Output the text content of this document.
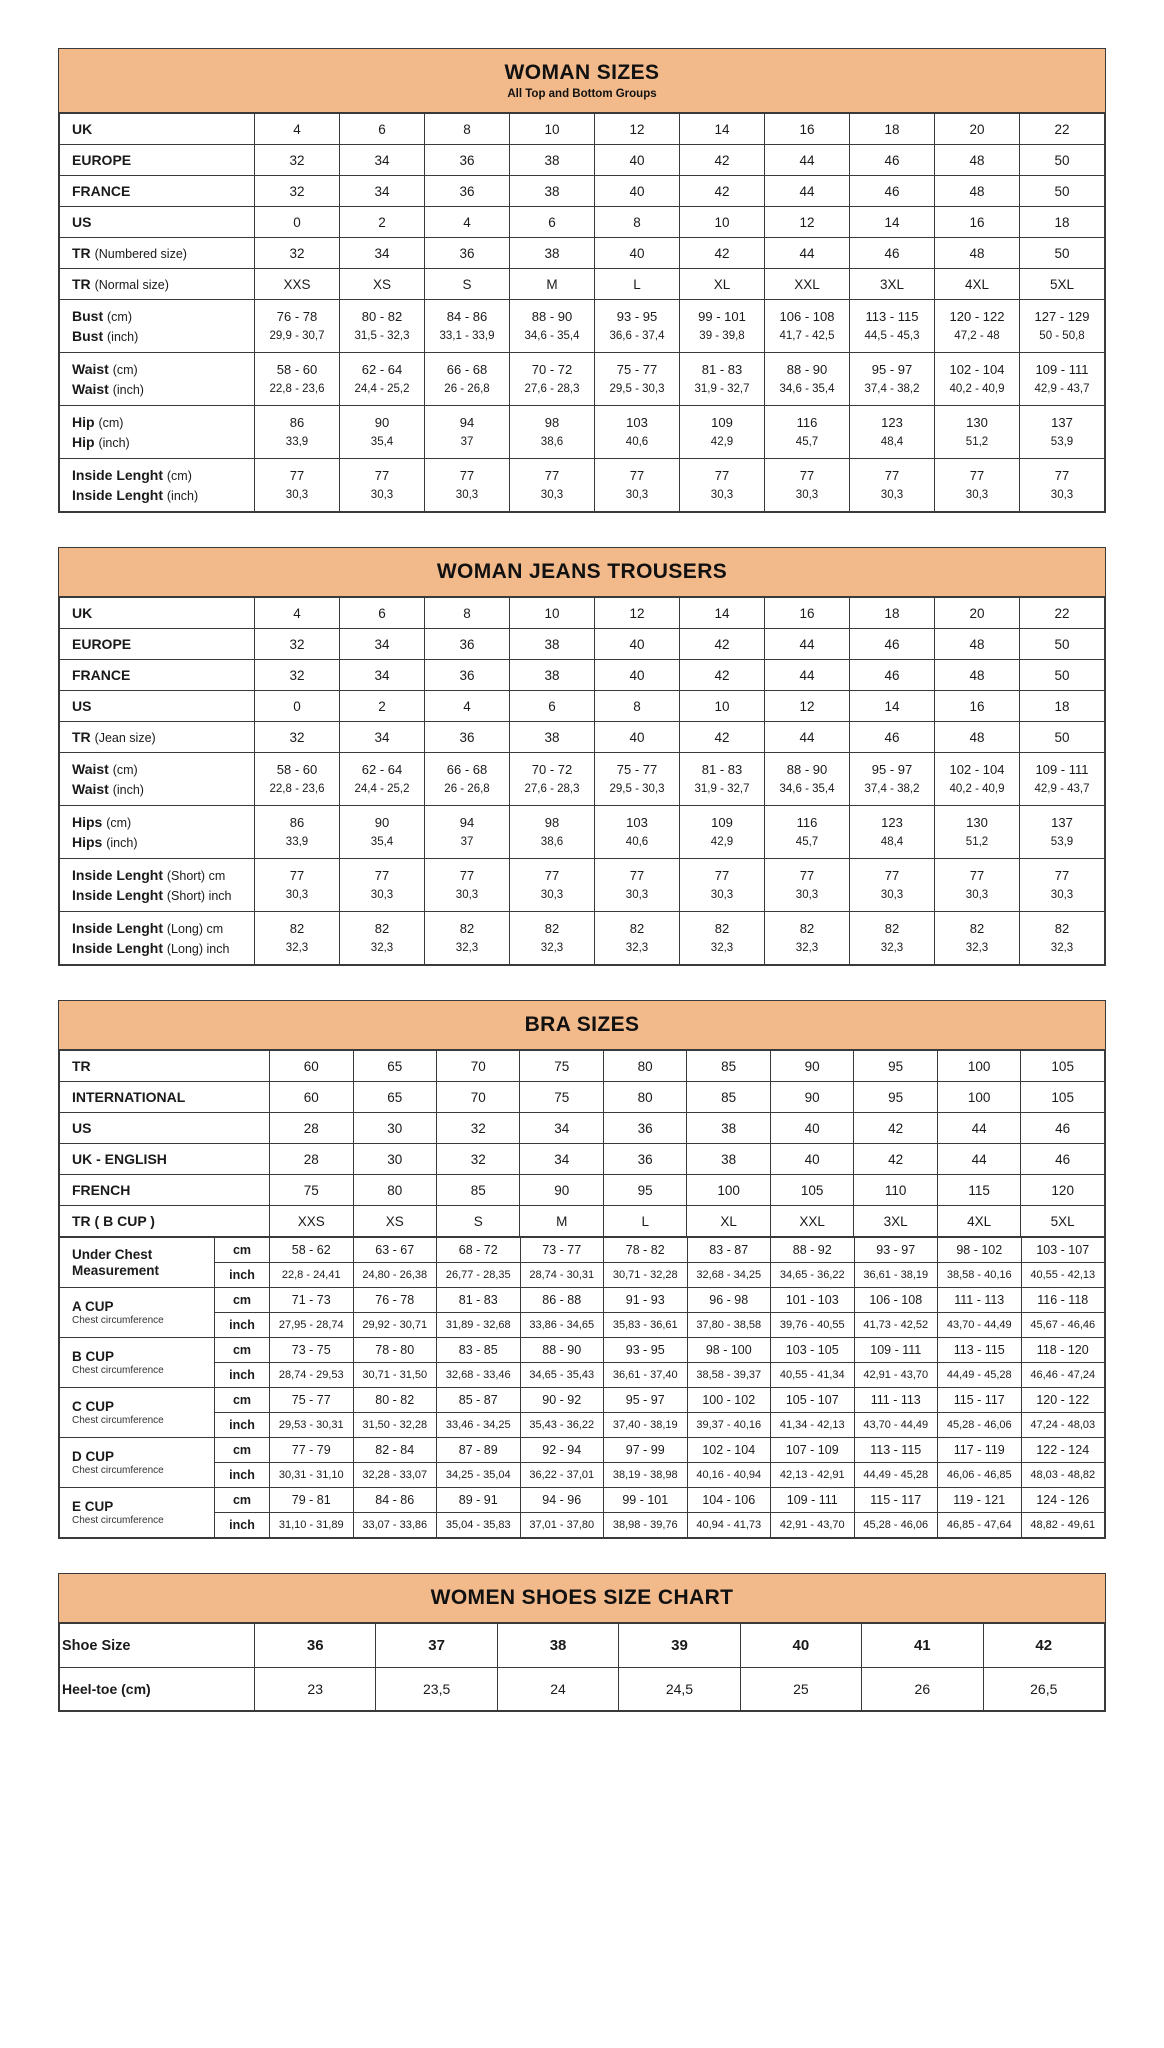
WOMAN SIZES
All Top and Bottom Groups
UK	4	6	8	10	12	14	16	18	20	22
EUROPE	32	34	36	38	40	42	44	46	48	50
FRANCE	32	34	36	38	40	42	44	46	48	50
US	0	2	4	6	8	10	12	14	16	18
TR (Numbered size)	32	34	36	38	40	42	44	46	48	50
TR (Normal size)	XXS	XS	S	M	L	XL	XXL	3XL	4XL	5XL
Bust (cm)	76 - 78	80 - 82	84 - 86	88 - 90	93 - 95	99 - 101	106 - 108	113 - 115	120 - 122	127 - 129
Bust (inch)	29,9 - 30,7	31,5 - 32,3	33,1 - 33,9	34,6 - 35,4	36,6 - 37,4	39 - 39,8	41,7 - 42,5	44,5 - 45,3	47,2 - 48	50 - 50,8
Waist (cm)	58 - 60	62 - 64	66 - 68	70 - 72	75 - 77	81 - 83	88 - 90	95 - 97	102 - 104	109 - 111
Waist (inch)	22,8 - 23,6	24,4 - 25,2	26 - 26,8	27,6 - 28,3	29,5 - 30,3	31,9 - 32,7	34,6 - 35,4	37,4 - 38,2	40,2 - 40,9	42,9 - 43,7
Hip (cm)	86	90	94	98	103	109	116	123	130	137
Hip (inch)	33,9	35,4	37	38,6	40,6	42,9	45,7	48,4	51,2	53,9
Inside Lenght (cm)	77	77	77	77	77	77	77	77	77	77
Inside Lenght (inch)	30,3	30,3	30,3	30,3	30,3	30,3	30,3	30,3	30,3	30,3
WOMAN JEANS TROUSERS
UK	4	6	8	10	12	14	16	18	20	22
EUROPE	32	34	36	38	40	42	44	46	48	50
FRANCE	32	34	36	38	40	42	44	46	48	50
US	0	2	4	6	8	10	12	14	16	18
TR (Jean size)	32	34	36	38	40	42	44	46	48	50
Waist (cm)	58 - 60	62 - 64	66 - 68	70 - 72	75 - 77	81 - 83	88 - 90	95 - 97	102 - 104	109 - 111
Waist (inch)	22,8 - 23,6	24,4 - 25,2	26 - 26,8	27,6 - 28,3	29,5 - 30,3	31,9 - 32,7	34,6 - 35,4	37,4 - 38,2	40,2 - 40,9	42,9 - 43,7
Hips (cm)	86	90	94	98	103	109	116	123	130	137
Hips (inch)	33,9	35,4	37	38,6	40,6	42,9	45,7	48,4	51,2	53,9
Inside Lenght (Short) cm	77	77	77	77	77	77	77	77	77	77
Inside Lenght (Short) inch	30,3	30,3	30,3	30,3	30,3	30,3	30,3	30,3	30,3	30,3
Inside Lenght (Long) cm	82	82	82	82	82	82	82	82	82	82
Inside Lenght (Long) inch	32,3	32,3	32,3	32,3	32,3	32,3	32,3	32,3	32,3	32,3
BRA SIZES
TR	60	65	70	75	80	85	90	95	100	105
INTERNATIONAL	60	65	70	75	80	85	90	95	100	105
US	28	30	32	34	36	38	40	42	44	46
UK - ENGLISH	28	30	32	34	36	38	40	42	44	46
FRENCH	75	80	85	90	95	100	105	110	115	120
TR ( B CUP )	XXS	XS	S	M	L	XL	XXL	3XL	4XL	5XL
Under Chest Measurement	cm	58 - 62	63 - 67	68 - 72	73 - 77	78 - 82	83 - 87	88 - 92	93 - 97	98 - 102	103 - 107
	inch	22,8 - 24,41	24,80 - 26,38	26,77 - 28,35	28,74 - 30,31	30,71 - 32,28	32,68 - 34,25	34,65 - 36,22	36,61 - 38,19	38,58 - 40,16	40,55 - 42,13
A CUP
Chest circumference	cm	71 - 73	76 - 78	81 - 83	86 - 88	91 - 93	96 - 98	101 - 103	106 - 108	111 - 113	116 - 118
	inch	27,95 - 28,74	29,92 - 30,71	31,89 - 32,68	33,86 - 34,65	35,83 - 36,61	37,80 - 38,58	39,76 - 40,55	41,73 - 42,52	43,70 - 44,49	45,67 - 46,46
B CUP
Chest circumference	cm	73 - 75	78 - 80	83 - 85	88 - 90	93 - 95	98 - 100	103 - 105	109 - 111	113 - 115	118 - 120
	inch	28,74 - 29,53	30,71 - 31,50	32,68 - 33,46	34,65 - 35,43	36,61 - 37,40	38,58 - 39,37	40,55 - 41,34	42,91 - 43,70	44,49 - 45,28	46,46 - 47,24
C CUP
Chest circumference	cm	75 - 77	80 - 82	85 - 87	90 - 92	95 - 97	100 - 102	105 - 107	111 - 113	115 - 117	120 - 122
	inch	29,53 - 30,31	31,50 - 32,28	33,46 - 34,25	35,43 - 36,22	37,40 - 38,19	39,37 - 40,16	41,34 - 42,13	43,70 - 44,49	45,28 - 46,06	47,24 - 48,03
D CUP
Chest circumference	cm	77 - 79	82 - 84	87 - 89	92 - 94	97 - 99	102 - 104	107 - 109	113 - 115	117 - 119	122 - 124
	inch	30,31 - 31,10	32,28 - 33,07	34,25 - 35,04	36,22 - 37,01	38,19 - 38,98	40,16 - 40,94	42,13 - 42,91	44,49 - 45,28	46,06 - 46,85	48,03 - 48,82
E CUP
Chest circumference	cm	79 - 81	84 - 86	89 - 91	94 - 96	99 - 101	104 - 106	109 - 111	115 - 117	119 - 121	124 - 126
	inch	31,10 - 31,89	33,07 - 33,86	35,04 - 35,83	37,01 - 37,80	38,98 - 39,76	40,94 - 41,73	42,91 - 43,70	45,28 - 46,06	46,85 - 47,64	48,82 - 49,61
WOMEN SHOES SIZE CHART
Shoe Size	36	37	38	39	40	41	42
Heel-toe (cm)	23	23,5	24	24,5	25	26	26,5
